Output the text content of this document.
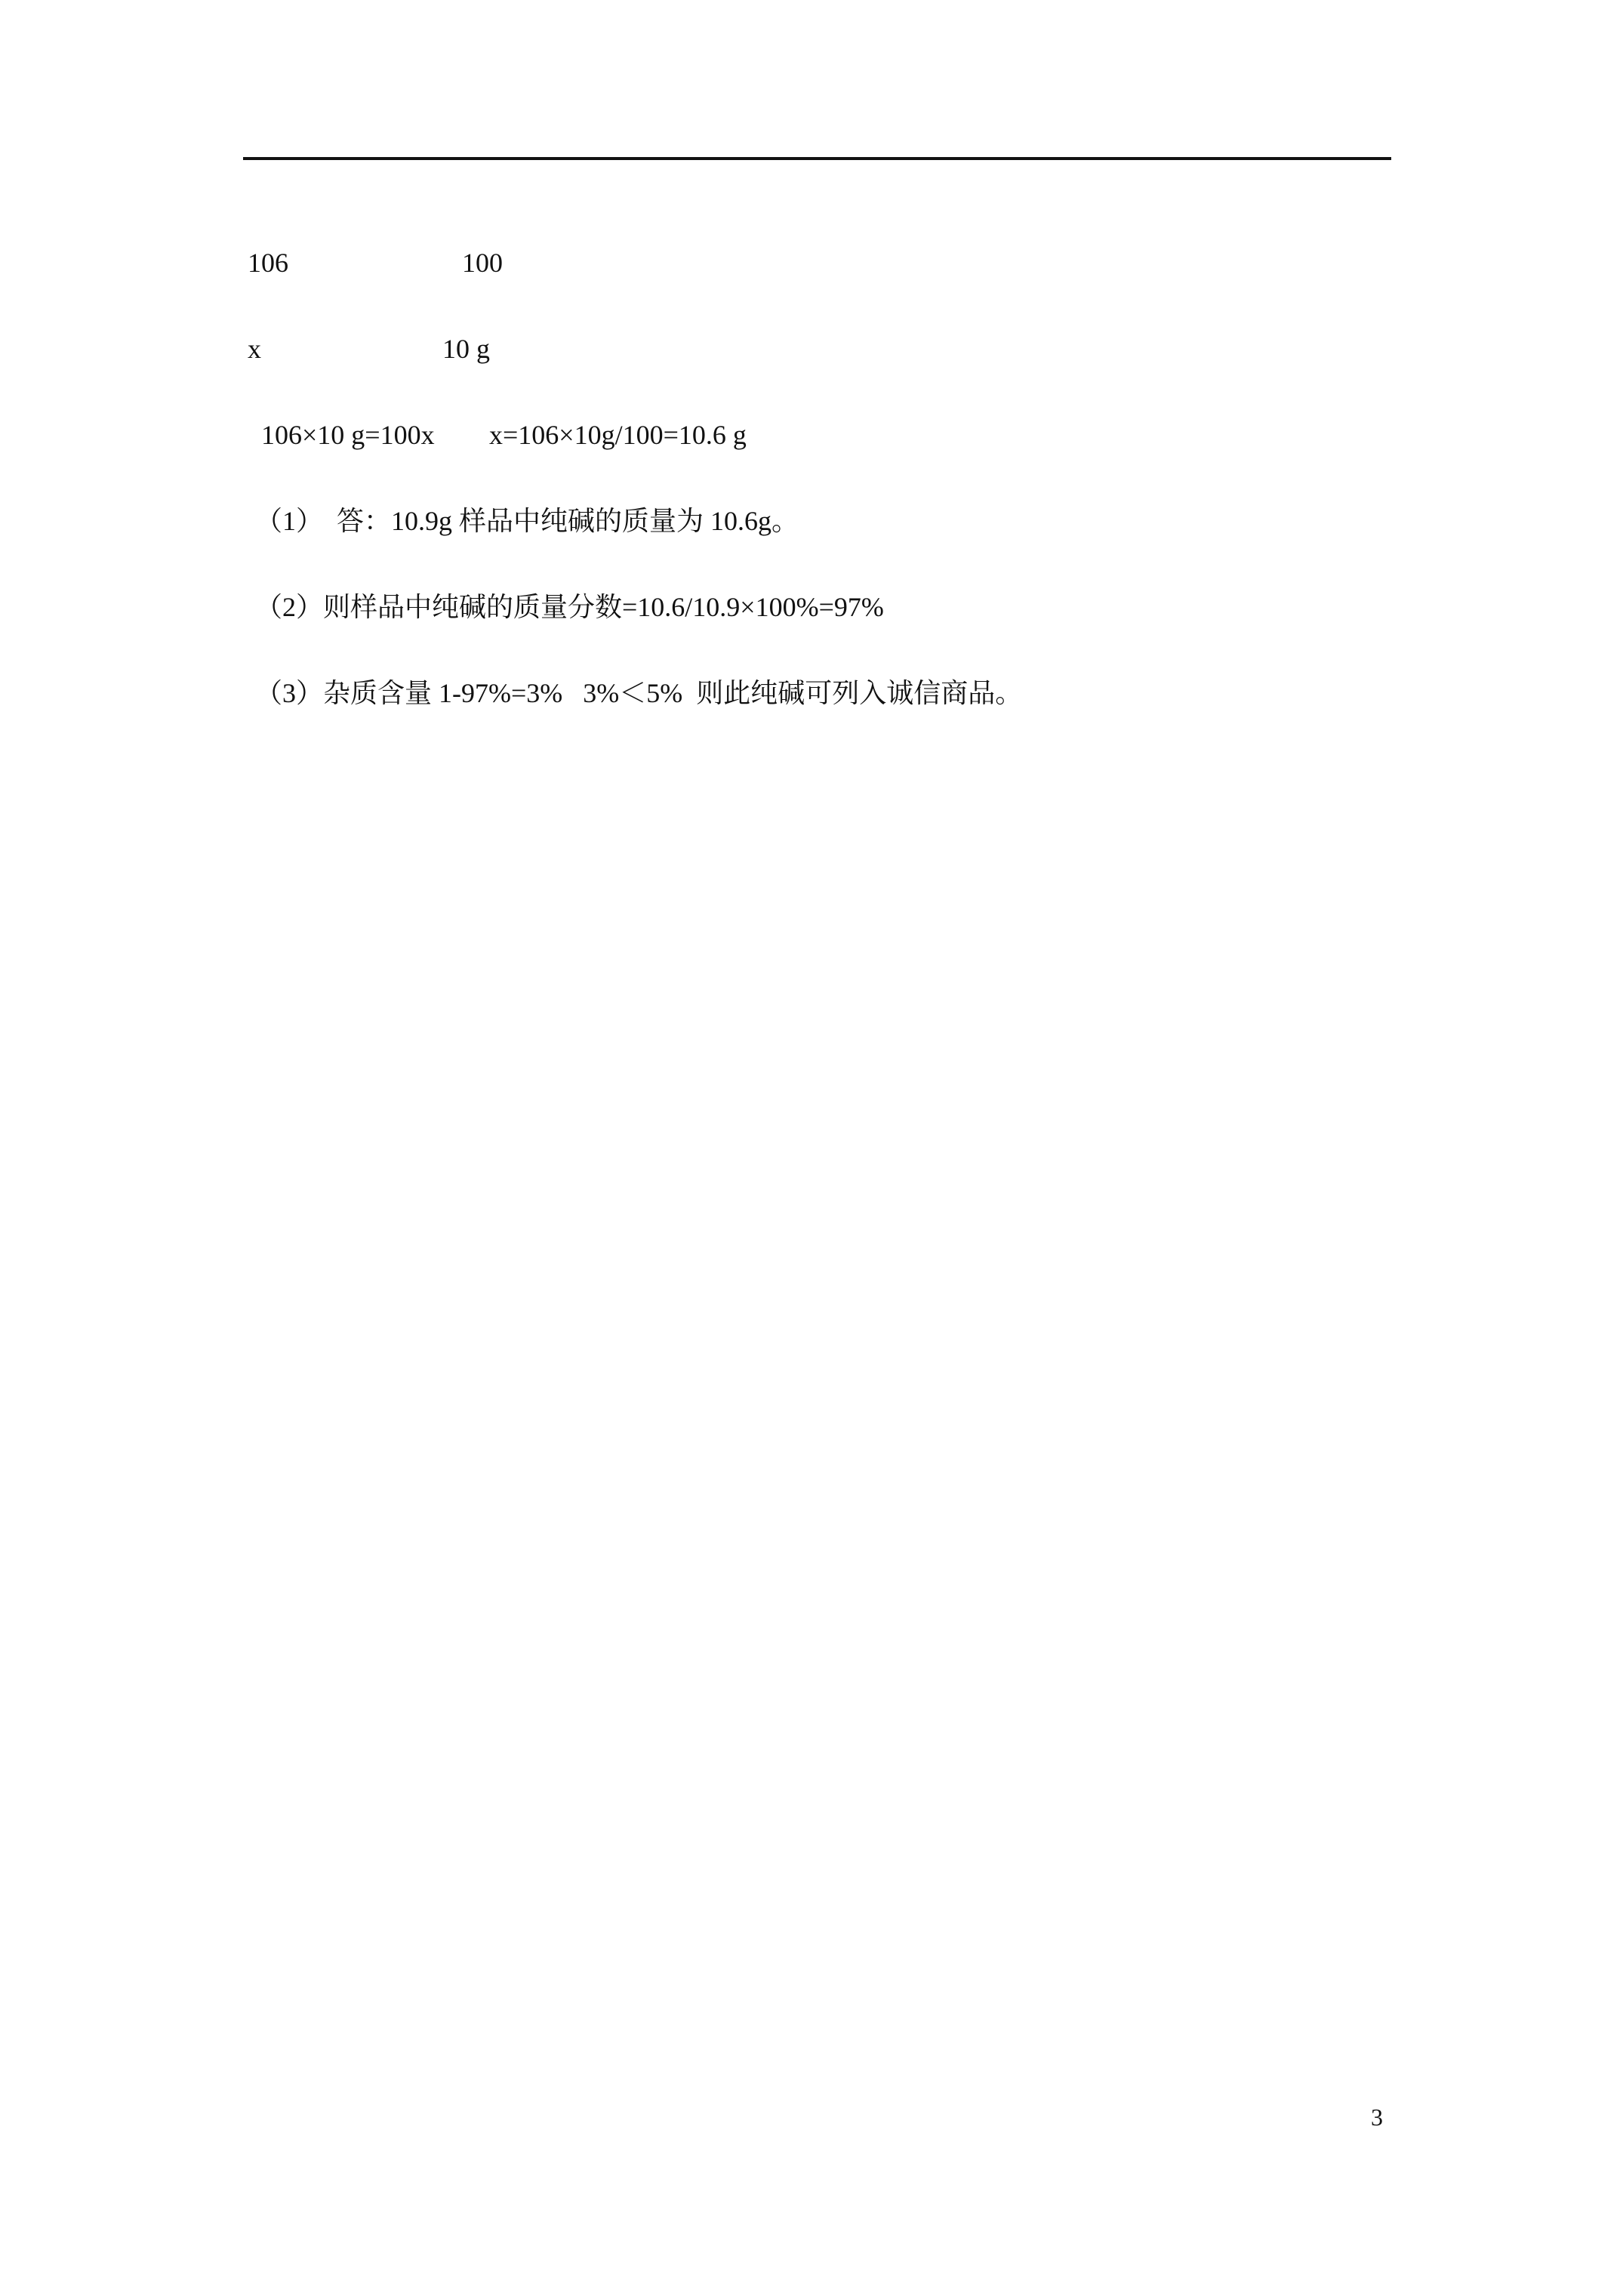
106	100
x	10 g
106×10 g=100x x=106×10g/100=10.6 g
（1）  答：10.9g 样品中纯碱的质量为 10.6g。
（2）则样品中纯碱的质量分数=10.6/10.9×100%=97%
（3）杂质含量 1-97%=3%   3%＜5%  则此纯碱可列入诚信商品。
3
